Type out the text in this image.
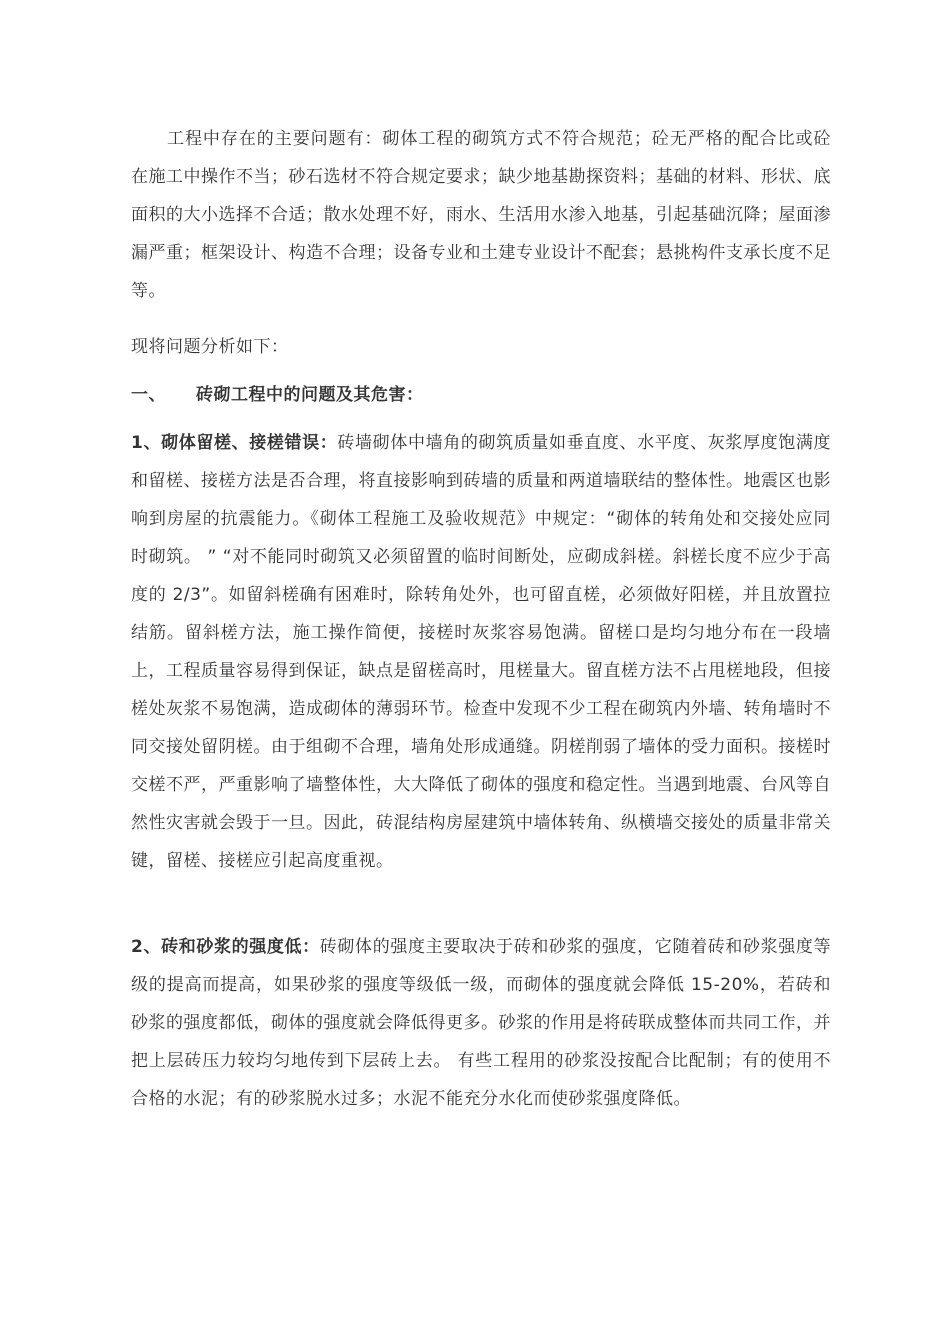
工程中存在的主要问题有：砌体工程的砌筑方式不符合规范；砼无严格的配合比或砼在施工中操作不当；砂石选材不符合规定要求；缺少地基勘探资料；基础的材料、形状、底面积的大小选择不合适；散水处理不好，雨水、生活用水渗入地基，引起基础沉降；屋面渗漏严重；框架设计、构造不合理；设备专业和土建专业设计不配套；悬挑构件支承长度不足等。

现将问题分析如下：

一、 砖砌工程中的问题及其危害：

1、砌体留槎、接槎错误：砖墙砌体中墙角的砌筑质量如垂直度、水平度、灰浆厚度饱满度和留槎、接槎方法是否合理，将直接影响到砖墙的质量和两道墙联结的整体性。地震区也影响到房屋的抗震能力。《砌体工程施工及验收规范》中规定：“砌体的转角处和交接处应同时砌筑。 ” “对不能同时砌筑又必须留置的临时间断处，应砌成斜槎。斜槎长度不应少于高度的 2/3”。如留斜槎确有困难时，除转角处外，也可留直槎，必须做好阳槎，并且放置拉结筋。留斜槎方法，施工操作简便，接槎时灰浆容易饱满。留槎口是均匀地分布在一段墙上，工程质量容易得到保证，缺点是留槎高时，甩槎量大。留直槎方法不占甩槎地段，但接槎处灰浆不易饱满，造成砌体的薄弱环节。检查中发现不少工程在砌筑内外墙、转角墙时不同交接处留阴槎。由于组砌不合理，墙角处形成通缝。阴槎削弱了墙体的受力面积。接槎时交槎不严，严重影响了墙整体性，大大降低了砌体的强度和稳定性。当遇到地震、台风等自然性灾害就会毁于一旦。因此，砖混结构房屋建筑中墙体转角、纵横墙交接处的质量非常关键，留槎、接槎应引起高度重视。

2、砖和砂浆的强度低：砖砌体的强度主要取决于砖和砂浆的强度，它随着砖和砂浆强度等级的提高而提高，如果砂浆的强度等级低一级，而砌体的强度就会降低 15-20%，若砖和砂浆的强度都低，砌体的强度就会降低得更多。砂浆的作用是将砖联成整体而共同工作，并把上层砖压力较均匀地传到下层砖上去。 有些工程用的砂浆没按配合比配制；有的使用不合格的水泥；有的砂浆脱水过多；水泥不能充分水化而使砂浆强度降低。
